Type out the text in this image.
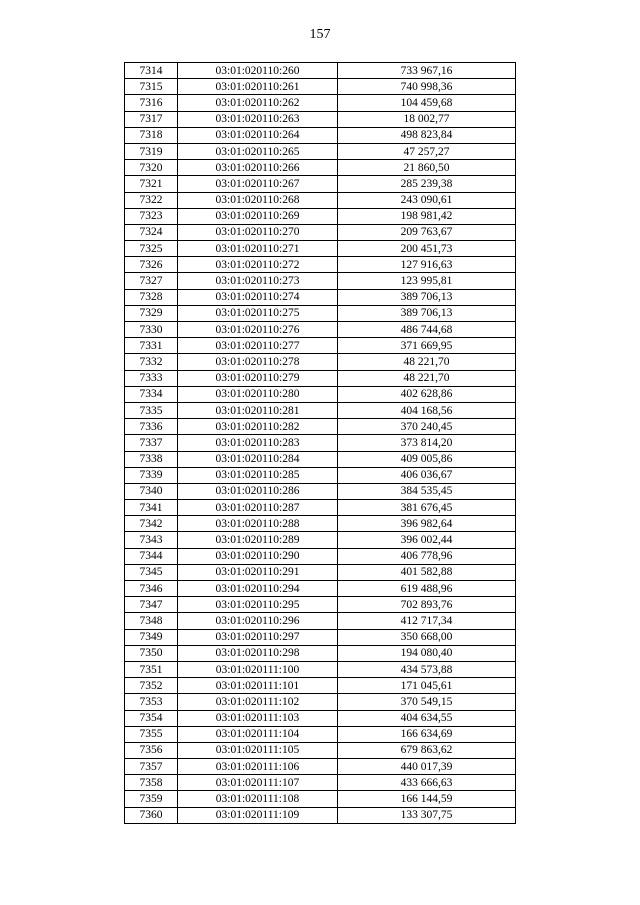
157
7314	03:01:020110:260	733 967,16
7315	03:01:020110:261	740 998,36
7316	03:01:020110:262	104 459,68
7317	03:01:020110:263	18 002,77
7318	03:01:020110:264	498 823,84
7319	03:01:020110:265	47 257,27
7320	03:01:020110:266	21 860,50
7321	03:01:020110:267	285 239,38
7322	03:01:020110:268	243 090,61
7323	03:01:020110:269	198 981,42
7324	03:01:020110:270	209 763,67
7325	03:01:020110:271	200 451,73
7326	03:01:020110:272	127 916,63
7327	03:01:020110:273	123 995,81
7328	03:01:020110:274	389 706,13
7329	03:01:020110:275	389 706,13
7330	03:01:020110:276	486 744,68
7331	03:01:020110:277	371 669,95
7332	03:01:020110:278	48 221,70
7333	03:01:020110:279	48 221,70
7334	03:01:020110:280	402 628,86
7335	03:01:020110:281	404 168,56
7336	03:01:020110:282	370 240,45
7337	03:01:020110:283	373 814,20
7338	03:01:020110:284	409 005,86
7339	03:01:020110:285	406 036,67
7340	03:01:020110:286	384 535,45
7341	03:01:020110:287	381 676,45
7342	03:01:020110:288	396 982,64
7343	03:01:020110:289	396 002,44
7344	03:01:020110:290	406 778,96
7345	03:01:020110:291	401 582,88
7346	03:01:020110:294	619 488,96
7347	03:01:020110:295	702 893,76
7348	03:01:020110:296	412 717,34
7349	03:01:020110:297	350 668,00
7350	03:01:020110:298	194 080,40
7351	03:01:020111:100	434 573,88
7352	03:01:020111:101	171 045,61
7353	03:01:020111:102	370 549,15
7354	03:01:020111:103	404 634,55
7355	03:01:020111:104	166 634,69
7356	03:01:020111:105	679 863,62
7357	03:01:020111:106	440 017,39
7358	03:01:020111:107	433 666,63
7359	03:01:020111:108	166 144,59
7360	03:01:020111:109	133 307,75
